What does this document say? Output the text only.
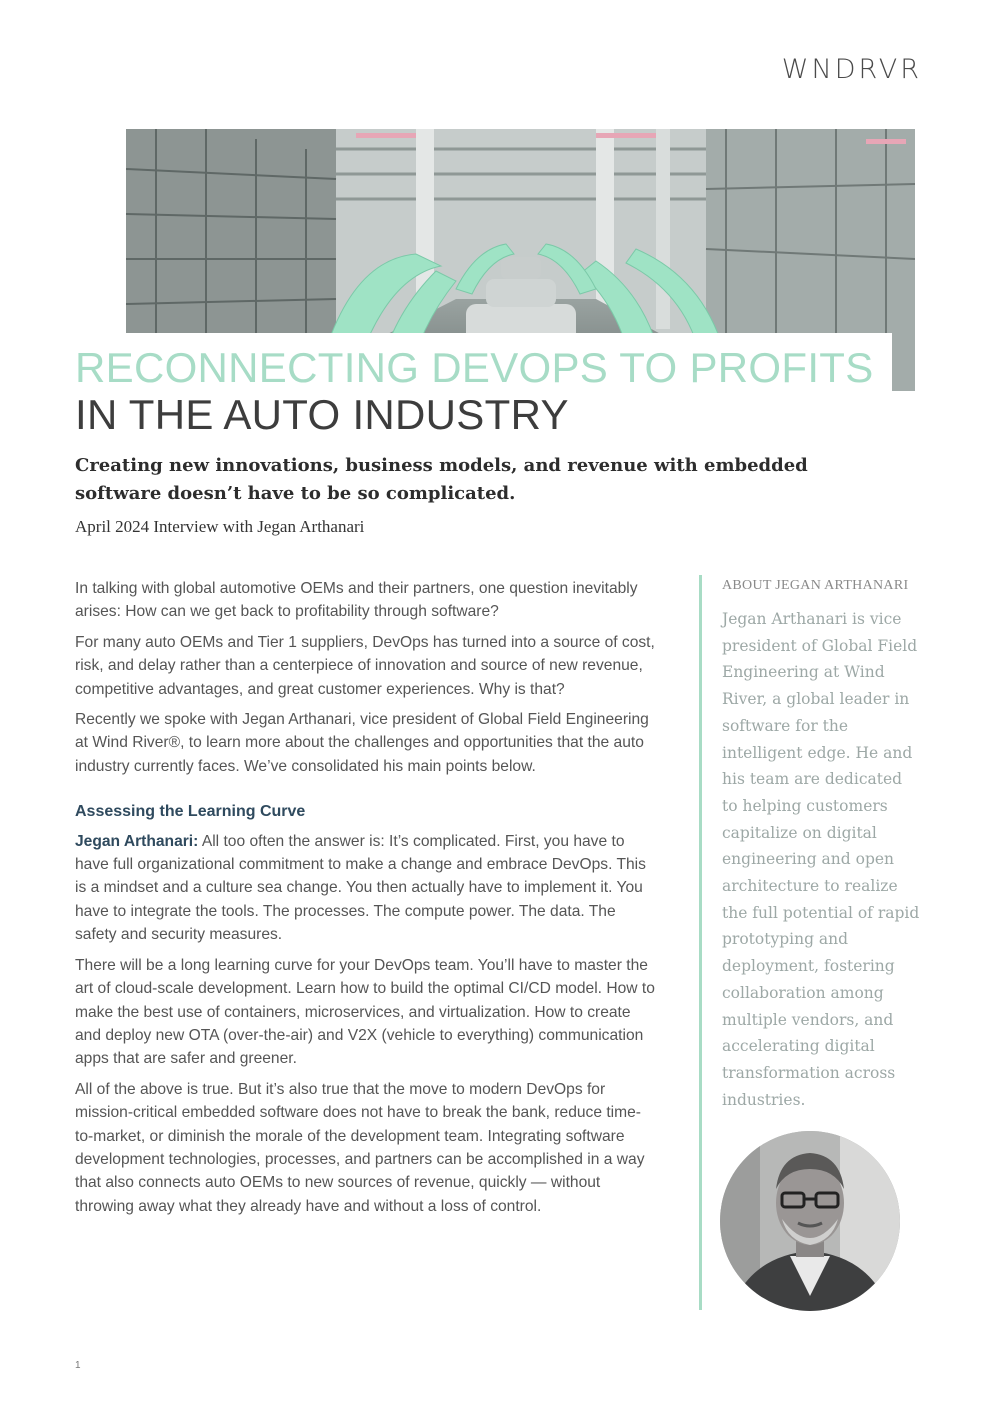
WNDRVR
RECONNECTING DEVOPS TO PROFITS
IN THE AUTO INDUSTRY
Creating new innovations, business models, and revenue with embedded software doesn’t have to be so complicated.
April 2024 Interview with Jegan Arthanari

In talking with global automotive OEMs and their partners, one question inevitably arises: How can we get back to profitability through software?

For many auto OEMs and Tier 1 suppliers, DevOps has turned into a source of cost, risk, and delay rather than a centerpiece of innovation and source of new revenue, competitive advantages, and great customer experiences. Why is that?

Recently we spoke with Jegan Arthanari, vice president of Global Field Engineering at Wind River®, to learn more about the challenges and opportunities that the auto industry currently faces. We’ve consolidated his main points below.

Assessing the Learning Curve

Jegan Arthanari: All too often the answer is: It’s complicated. First, you have to have full organizational commitment to make a change and embrace DevOps. This is a mindset and a culture sea change. You then actually have to implement it. You have to integrate the tools. The processes. The compute power. The data. The safety and security measures.

There will be a long learning curve for your DevOps team. You’ll have to master the art of cloud-scale development. Learn how to build the optimal CI/CD model. How to make the best use of containers, microservices, and virtualization. How to create and deploy new OTA (over-the-air) and V2X (vehicle to everything) communication apps that are safer and greener.

All of the above is true. But it’s also true that the move to modern DevOps for mission-critical embedded software does not have to break the bank, reduce time-to-market, or diminish the morale of the development team. Integrating software development technologies, processes, and partners can be accomplished in a way that also connects auto OEMs to new sources of revenue, quickly — without throwing away what they already have and without a loss of control.

ABOUT JEGAN ARTHANARI
Jegan Arthanari is vice president of Global Field Engineering at Wind River, a global leader in software for the intelligent edge. He and his team are dedicated to helping customers capitalize on digital engineering and open architecture to realize the full potential of rapid prototyping and deployment, fostering collaboration among multiple vendors, and accelerating digital transformation across industries.
1
